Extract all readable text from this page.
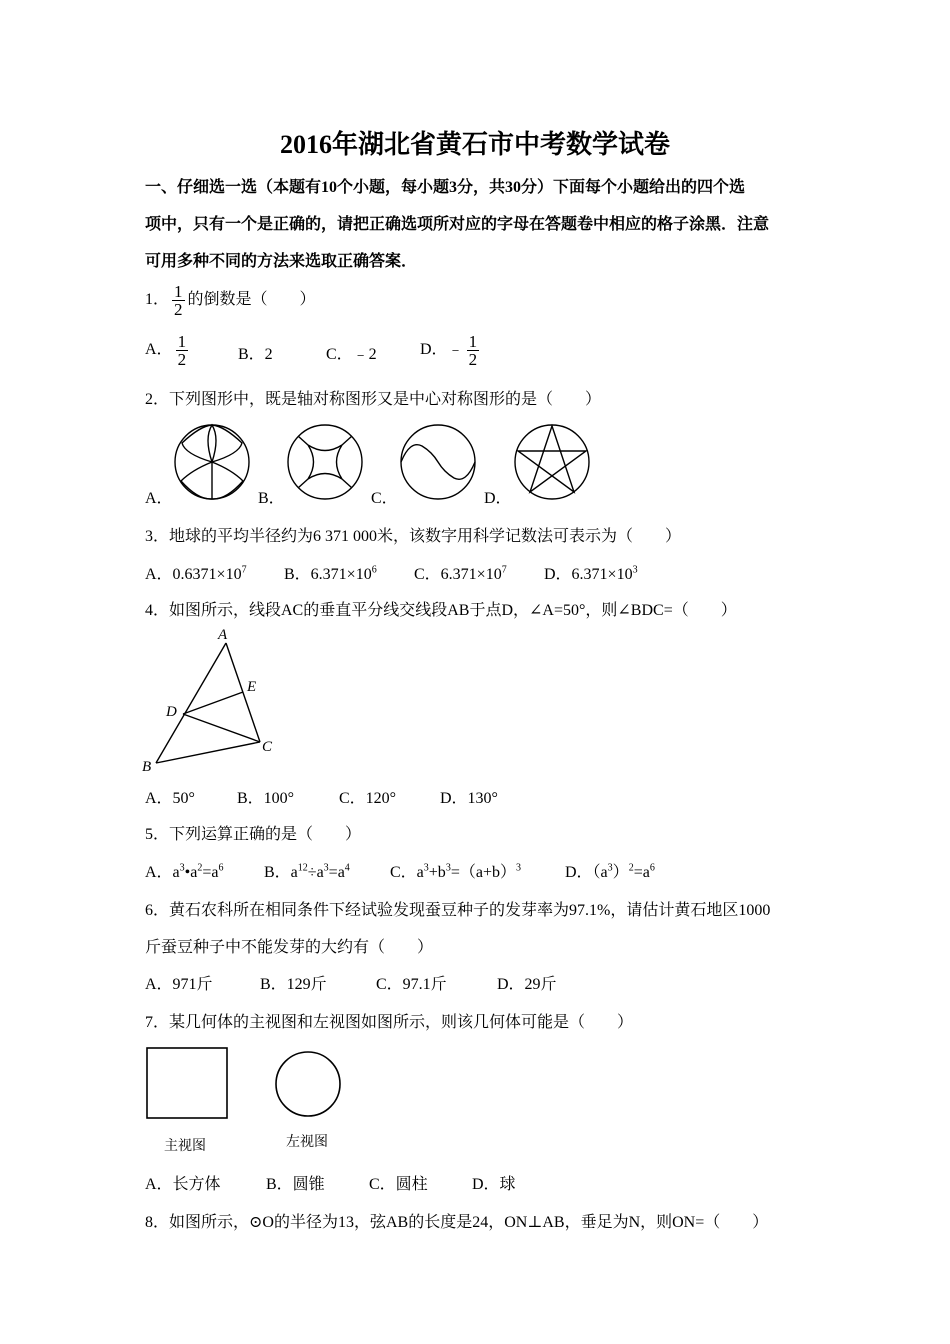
2016年湖北省黄石市中考数学试卷
一、仔细选一选（本题有10个小题，每小题3分，共30分）下面每个小题给出的四个选
项中，只有一个是正确的，请把正确选项所对应的字母在答题卷中相应的格子涂黑．注意
可用多种不同的方法来选取正确答案．
1． $\frac{1}{2}$ 的倒数是（　　）
A． $\frac{1}{2}$	B．2	C．﹣2	D．﹣ $\frac{1}{2}$
2．下列图形中，既是轴对称图形又是中心对称图形的是（　　）
A．	B．	C．	D．
3．地球的平均半径约为6 371 000米，该数字用科学记数法可表示为（　　）
A．$0.6371\times 10^7$ B．$6.371\times 10^6$ C．$6.371\times 10^7$ D．$6.371\times 10^3$
4．如图所示，线段AC的垂直平分线交线段AB于点D，∠A=50°，则∠BDC=（　　）
A
E
D
C
B
A．50°	B．100°	C．120°	D．130°
5．下列运算正确的是（　　）
A．$a^3•a^2=a^6$	B．$a^{12}\div a^3=a^4$	C．$a^3+b^3=(a+b)^3$	D．$(a^3)^2=a^6$
6．黄石农科所在相同条件下经试验发现蚕豆种子的发芽率为97.1%，请估计黄石地区1000
斤蚕豆种子中不能发芽的大约有（　　）
A．971斤	B．129斤	C．97.1斤	D．29斤
7．某几何体的主视图和左视图如图所示，则该几何体可能是（　　）
主视图	左视图
A．长方体	B．圆锥	C．圆柱	D．球
8．如图所示，⊙O的半径为13，弦AB的长度是24，ON⊥AB，垂足为N，则ON=（　　）
